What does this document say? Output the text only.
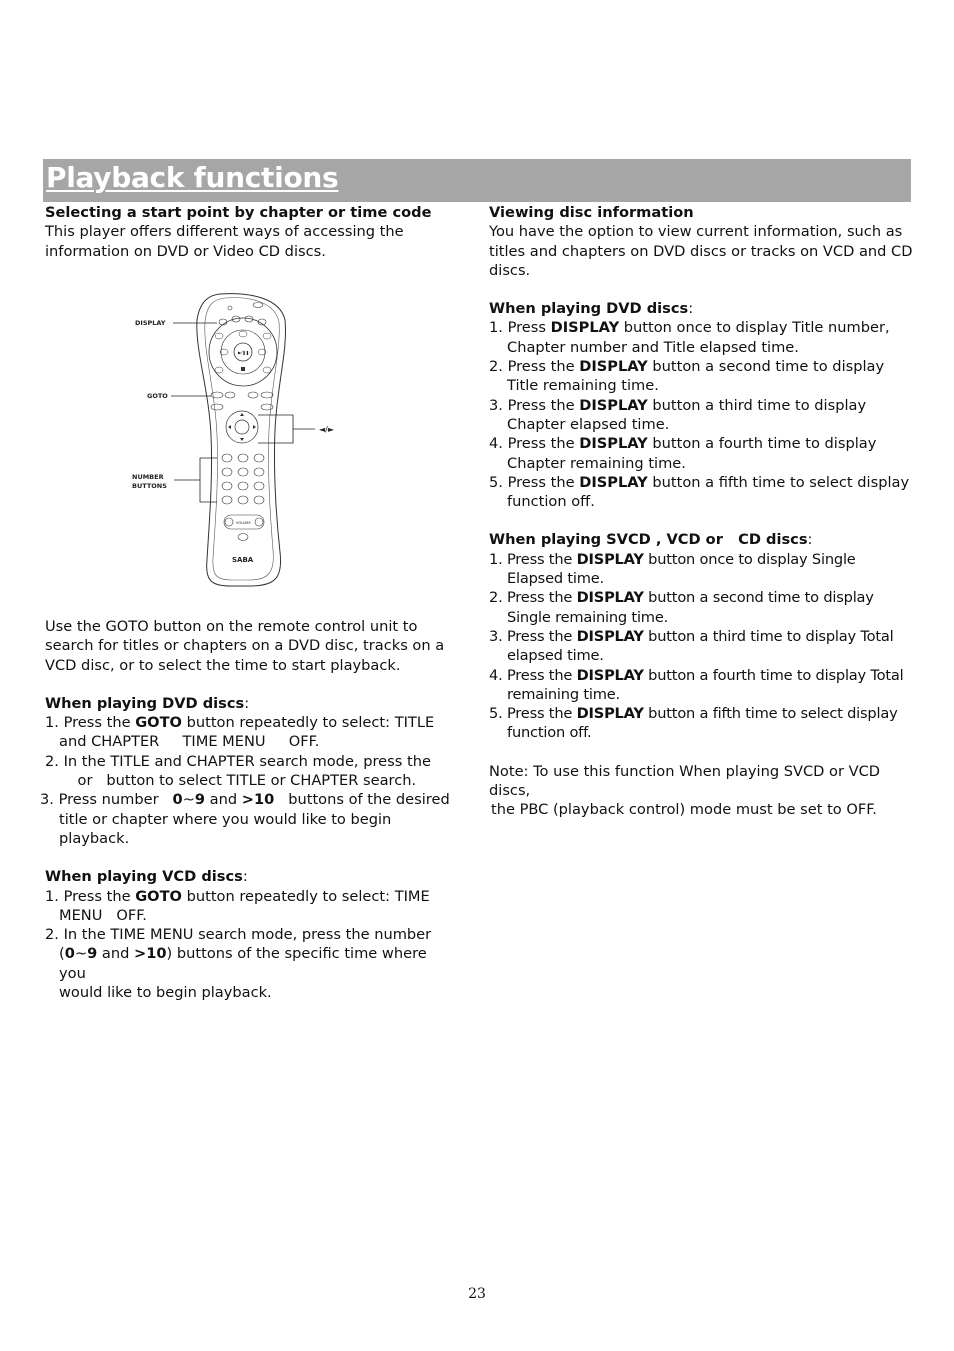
Playback functions

Selecting a start point by chapter or time code

This player offers different ways of accessing the information on DVD or Video CD discs.

▶/❚❚
VOLUME
SABA
DISPLAY
GOTO
NUMBER
BUTTONS
◄/►

Use the GOTO button on the remote control unit to search for titles or chapters on a DVD disc, tracks on a VCD disc, or to select the time to start playback.

When playing DVD discs:

1. Press the GOTO button repeatedly to select: TITLE

and CHAPTER     TIME MENU     OFF.

2. In the TITLE and CHAPTER search mode, press the

or   button to select TITLE or CHAPTER search.

3. Press number   0~9 and >10   buttons of the desired

title or chapter where you would like to begin playback.

When playing VCD discs:

1. Press the GOTO button repeatedly to select: TIME

MENU   OFF.

2. In the TIME MENU search mode, press the number

(0~9 and >10) buttons of the specific time where you

would like to begin playback.

Viewing disc information

You have the option to view current information, such as titles and chapters on DVD discs or tracks on VCD and CD discs.

When playing DVD discs:

1. Press DISPLAY button once to display Title number, Chapter number and Title elapsed time.

2. Press the DISPLAY button a second time to display Title remaining time.

3. Press the DISPLAY button a third time to display Chapter elapsed time.

4. Press the DISPLAY button a fourth time to display Chapter remaining time.

5. Press the DISPLAY button a fifth time to select display function off.

When playing SVCD , VCD or   CD discs:

1. Press the DISPLAY button once to display Single Elapsed time.

2. Press the DISPLAY button a second time to display Single remaining time.

3. Press the DISPLAY button a third time to display Total elapsed time.

4. Press the DISPLAY button a fourth time to display Total remaining time.

5. Press the DISPLAY button a fifth time to select display function off.

Note: To use this function When playing SVCD or VCD discs,

the PBC (playback control) mode must be set to OFF.

23
